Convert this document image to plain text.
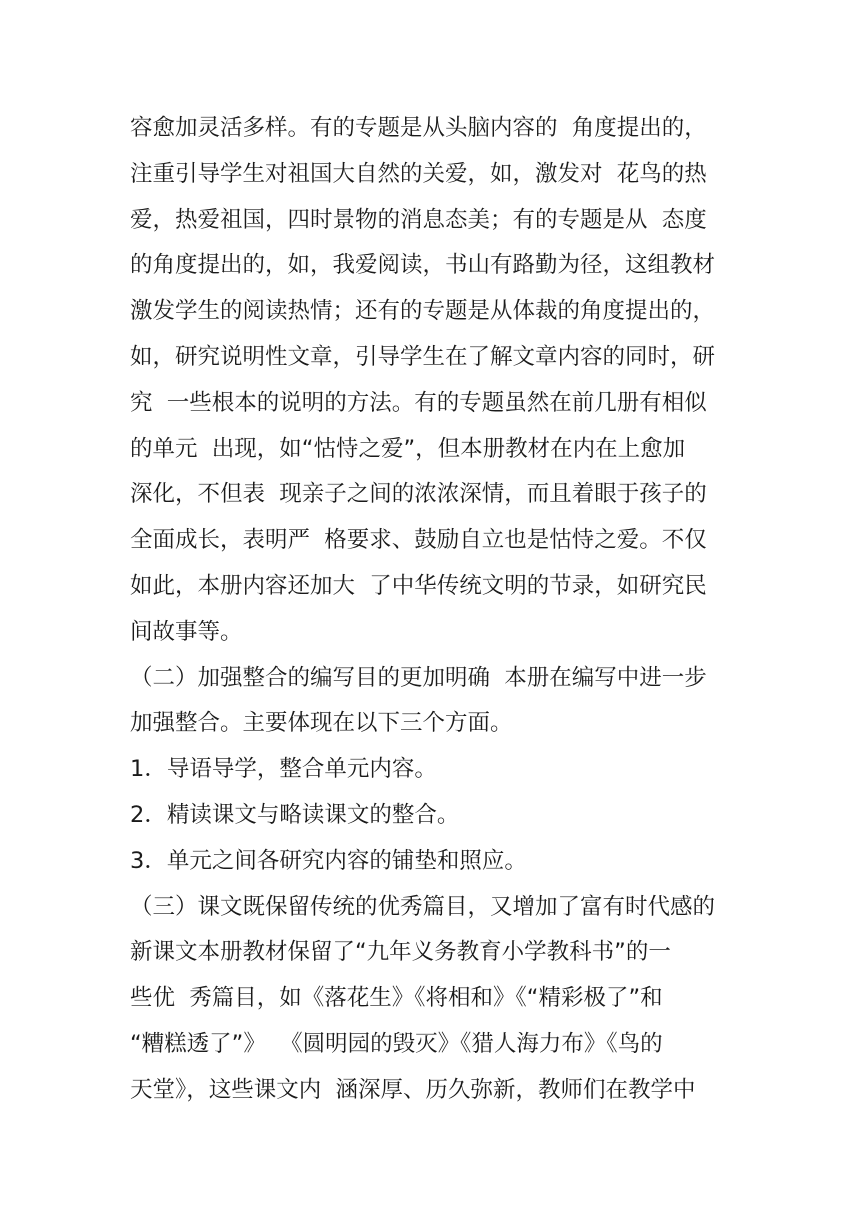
容愈加灵活多样。有的专题是从头脑内容的  角度提出的，
注重引导学生对祖国大自然的关爱，如，激发对  花鸟的热
爱，热爱祖国，四时景物的消息态美；有的专题是从  态度
的角度提出的，如，我爱阅读，书山有路勤为径，这组教材
激发学生的阅读热情；还有的专题是从体裁的角度提出的，
如，研究说明性文章，引导学生在了解文章内容的同时，研
究  一些根本的说明的方法。有的专题虽然在前几册有相似
的单元  出现，如“怙恃之爱”，但本册教材在内在上愈加
深化，不但表  现亲子之间的浓浓深情，而且着眼于孩子的
全面成长，表明严  格要求、鼓励自立也是怙恃之爱。不仅
如此，本册内容还加大  了中华传统文明的节录，如研究民
间故事等。
（二）加强整合的编写目的更加明确  本册在编写中进一步
加强整合。主要体现在以下三个方面。
1．导语导学，整合单元内容。
2．精读课文与略读课文的整合。
3．单元之间各研究内容的铺垫和照应。
（三）课文既保留传统的优秀篇目，又增加了富有时代感的
新课文本册教材保留了“九年义务教育小学教科书”的一
些优  秀篇目，如《落花生》《将相和》《“精彩极了”和
“糟糕透了”》  《圆明园的毁灭》《猎人海力布》《鸟的
天堂》，这些课文内  涵深厚、历久弥新，教师们在教学中
